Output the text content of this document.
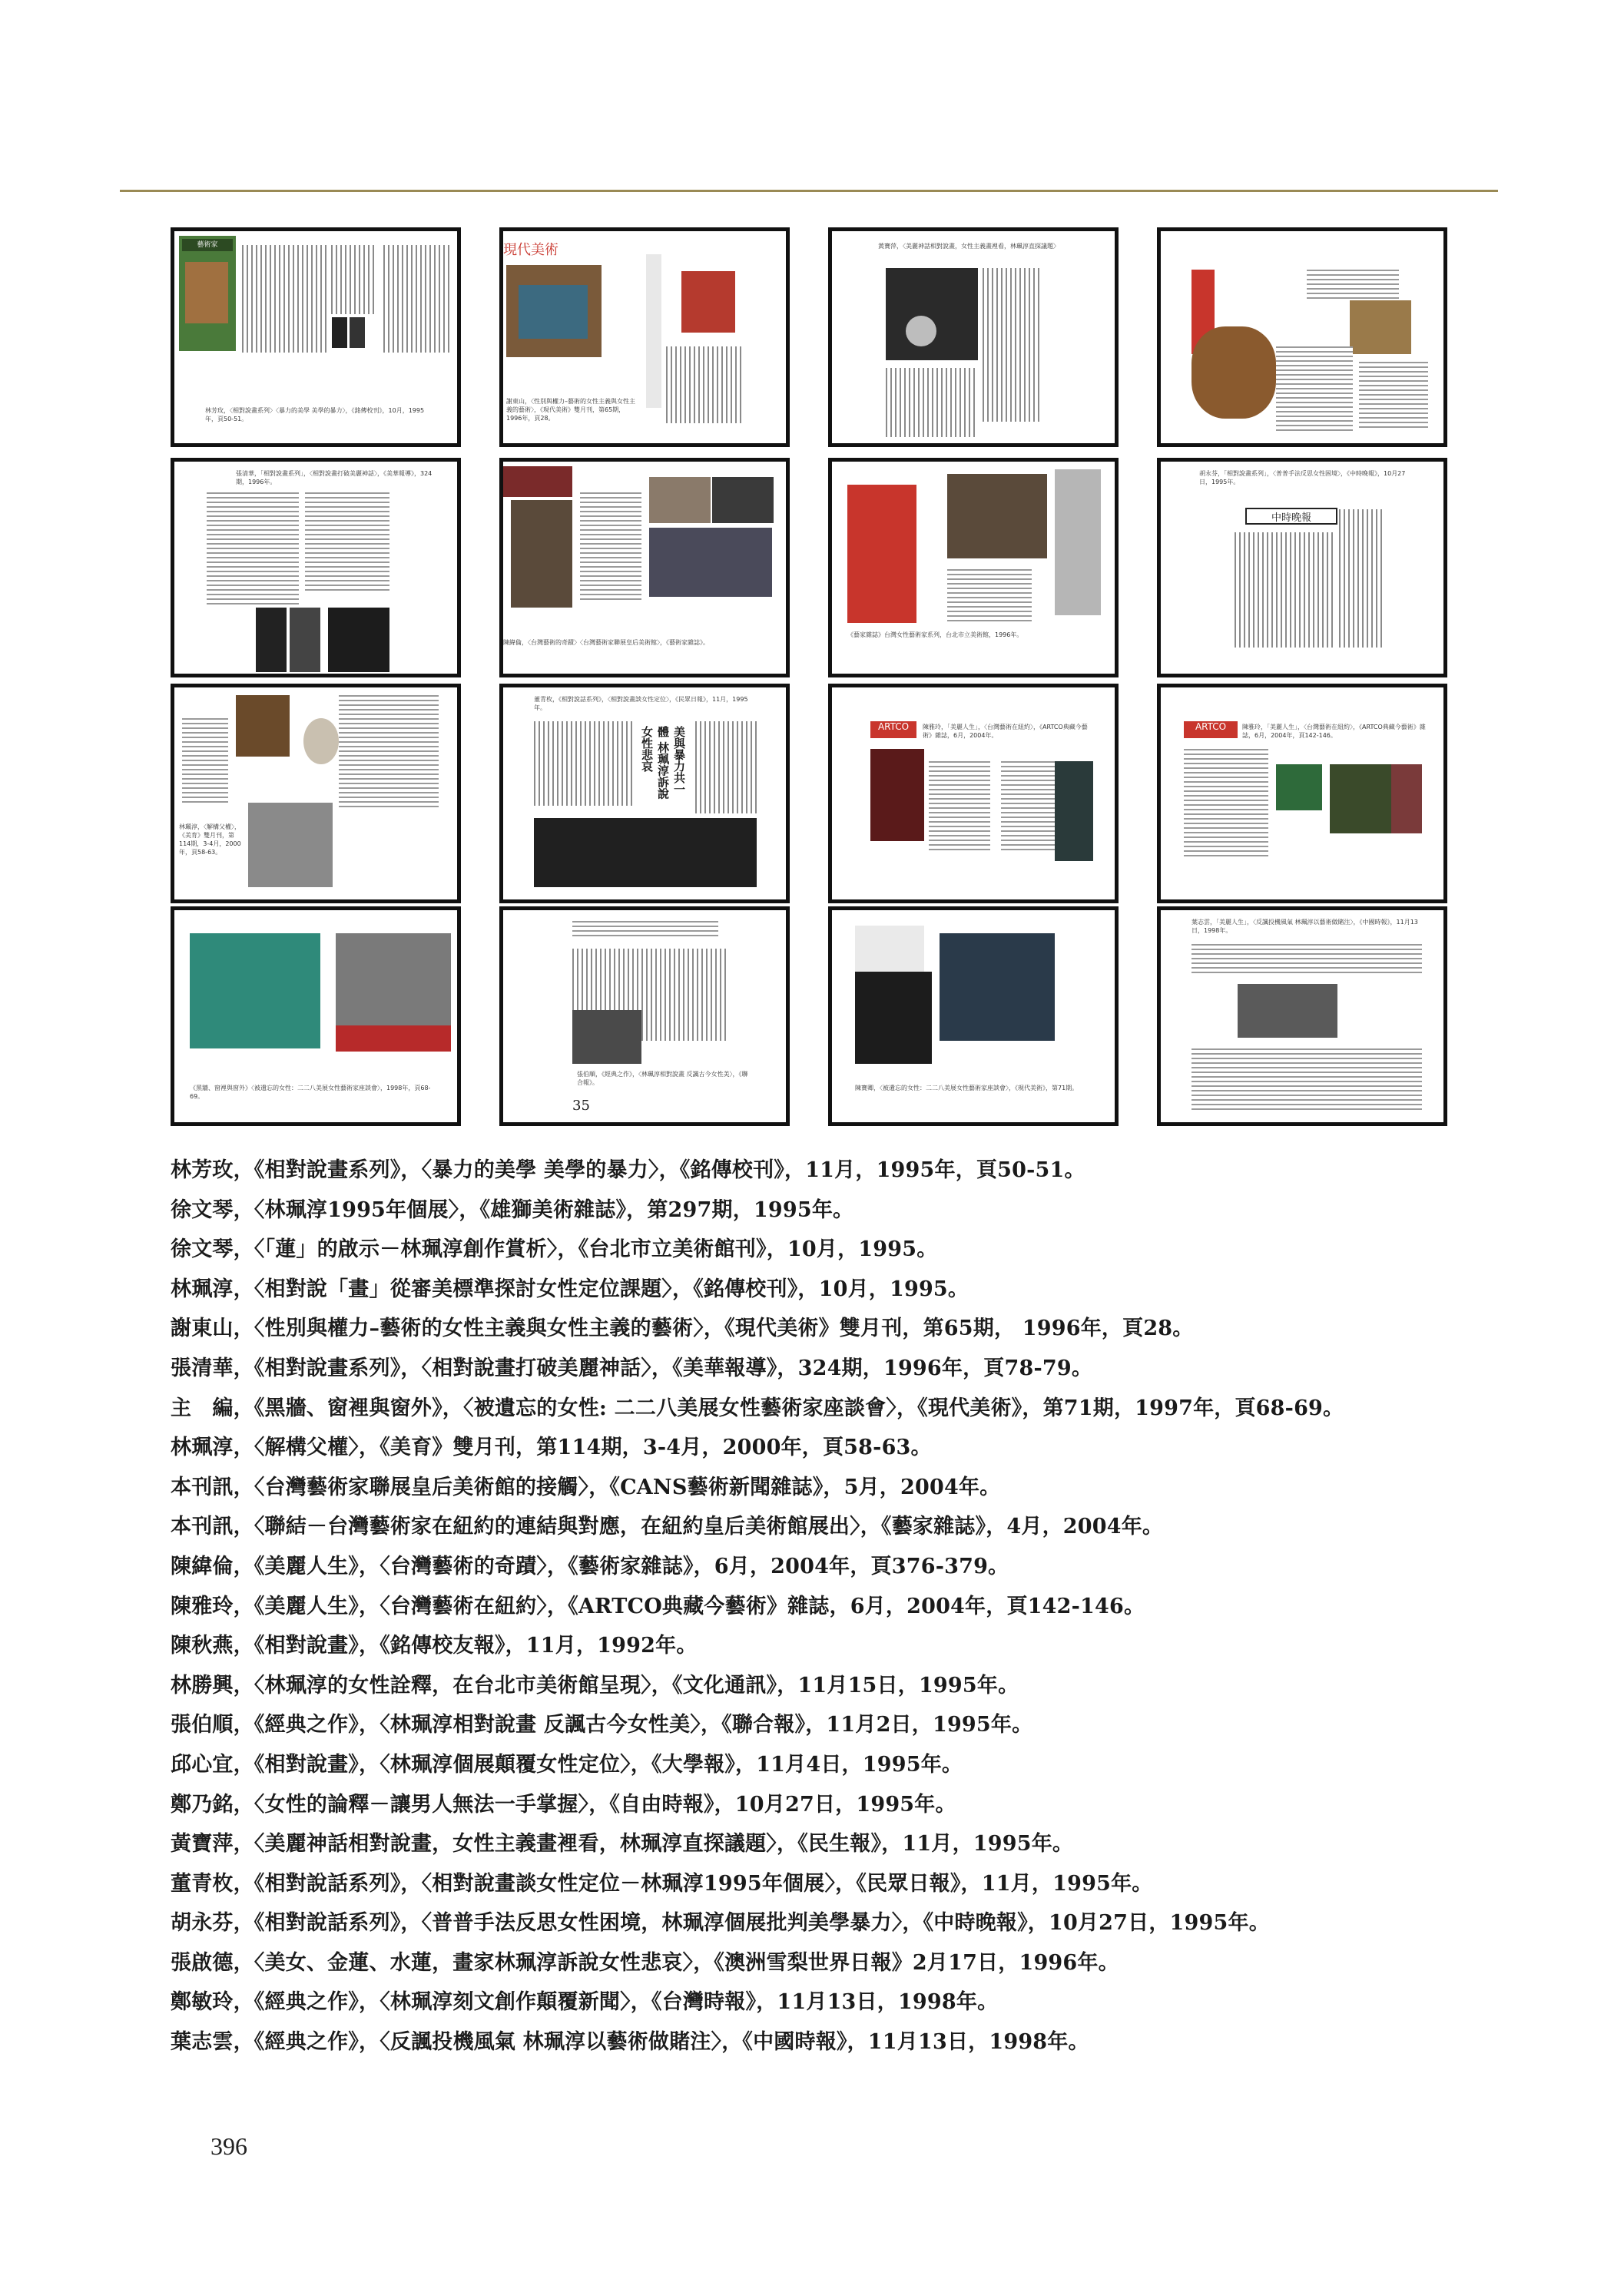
藝術家
林芳玫，〈相對說畫系列〉〈暴力的美學 美學的暴力〉，《銘傳校刊》，10月，1995年，頁50-51。
現代美術
謝東山，〈性別與權力–藝術的女性主義與女性主義的藝術〉，《現代美術》雙月刊，第65期，1996年，頁28。
黃寶萍，〈美麗神話相對說畫，女性主義畫裡看，林珮淳直探議題〉
張清華，「相對說畫系列」，〈相對說畫打破美麗神話〉，《美華報導》，324期，1996年。
陳緯倫，〈台灣藝術的奇蹟〉〈台灣藝術家聯展皇后美術館〉，《藝術家雜誌》。
《藝家雜誌》台灣女性藝術家系列，台北市立美術館，1996年。
胡永芬，「相對說畫系列」，〈普普手法反思女性困境〉，《中時晚報》，10月27日，1995年。
中時晚報
林珮淳，〈解構父權〉，《美育》雙月刊，第114期，3-4月，2000年，頁58-63。
董青枚，《相對說話系列》，〈相對說畫談女性定位〉，《民眾日報》，11月，1995年。
美與暴力共一體 林珮淳訴說女性悲哀	ARTCO	陳雅玲，「美麗人生」，〈台灣藝術在紐約〉，《ARTCO典藏今藝術》雜誌，6月，2004年。
ARTCO	陳雅玲，「美麗人生」，〈台灣藝術在紐約〉，《ARTCO典藏今藝術》雜誌，6月，2004年，頁142-146。
《黑牆、窗裡與窗外》〈被遺忘的女性：二二八美展女性藝術家座談會〉，1998年，頁68-69。
張伯順，《經典之作》，〈林珮淳相對說畫 反諷古今女性美〉，《聯合報》。
35
陳寶卿，〈被遺忘的女性：二二八美展女性藝術家座談會〉，《現代美術》，第71期。
葉志雲，「美麗人生」，〈反諷投機風氣 林珮淳以藝術做賭注〉，《中國時報》，11月13日，1998年。
林芳玫，《相對說畫系列》，〈暴力的美學 美學的暴力〉，《銘傳校刊》，11月，1995年，頁50-51。
徐文琴，〈林珮淳1995年個展〉，《雄獅美術雜誌》，第297期，1995年。
徐文琴，〈「蓮」的啟示－林珮淳創作賞析〉，《台北市立美術館刊》，10月，1995。
林珮淳，〈相對說「畫」從審美標準探討女性定位課題〉，《銘傳校刊》，10月，1995。
謝東山，〈性別與權力–藝術的女性主義與女性主義的藝術〉，《現代美術》雙月刊，第65期， 1996年，頁28。
張清華，《相對說畫系列》，〈相對說畫打破美麗神話〉，《美華報導》，324期，1996年，頁78-79。
主　編，《黑牆、窗裡與窗外》，〈被遺忘的女性: 二二八美展女性藝術家座談會〉，《現代美術》，第71期，1997年，頁68-69。
林珮淳，〈解構父權〉，《美育》雙月刊，第114期，3-4月，2000年，頁58-63。
本刊訊，〈台灣藝術家聯展皇后美術館的接觸〉，《CANS藝術新聞雜誌》，5月，2004年。
本刊訊，〈聯結－台灣藝術家在紐約的連結與對應，在紐約皇后美術館展出〉，《藝家雜誌》，4月，2004年。
陳緯倫，《美麗人生》，〈台灣藝術的奇蹟〉，《藝術家雜誌》，6月，2004年，頁376-379。
陳雅玲，《美麗人生》，〈台灣藝術在紐約〉，《ARTCO典藏今藝術》雜誌，6月，2004年，頁142-146。
陳秋燕，《相對說畫》，《銘傳校友報》，11月，1992年。
林勝興，〈林珮淳的女性詮釋，在台北市美術館呈現〉，《文化通訊》，11月15日，1995年。
張伯順，《經典之作》，〈林珮淳相對說畫 反諷古今女性美〉，《聯合報》，11月2日，1995年。
邱心宜，《相對說畫》，〈林珮淳個展顛覆女性定位〉，《大學報》，11月4日，1995年。
鄭乃銘，〈女性的論釋－讓男人無法一手掌握〉，《自由時報》，10月27日，1995年。
黃寶萍，〈美麗神話相對說畫，女性主義畫裡看，林珮淳直探議題〉，《民生報》，11月，1995年。
董青枚，《相對說話系列》，〈相對說畫談女性定位－林珮淳1995年個展〉，《民眾日報》，11月，1995年。
胡永芬，《相對說話系列》，〈普普手法反思女性困境，林珮淳個展批判美學暴力〉，《中時晚報》，10月27日，1995年。
張啟德，〈美女、金蓮、水蓮，畫家林珮淳訴說女性悲哀〉，《澳洲雪梨世界日報》2月17日，1996年。
鄭敏玲，《經典之作》，〈林珮淳刻文創作顛覆新聞〉，《台灣時報》，11月13日，1998年。
葉志雲，《經典之作》，〈反諷投機風氣 林珮淳以藝術做賭注〉，《中國時報》，11月13日，1998年。
396
